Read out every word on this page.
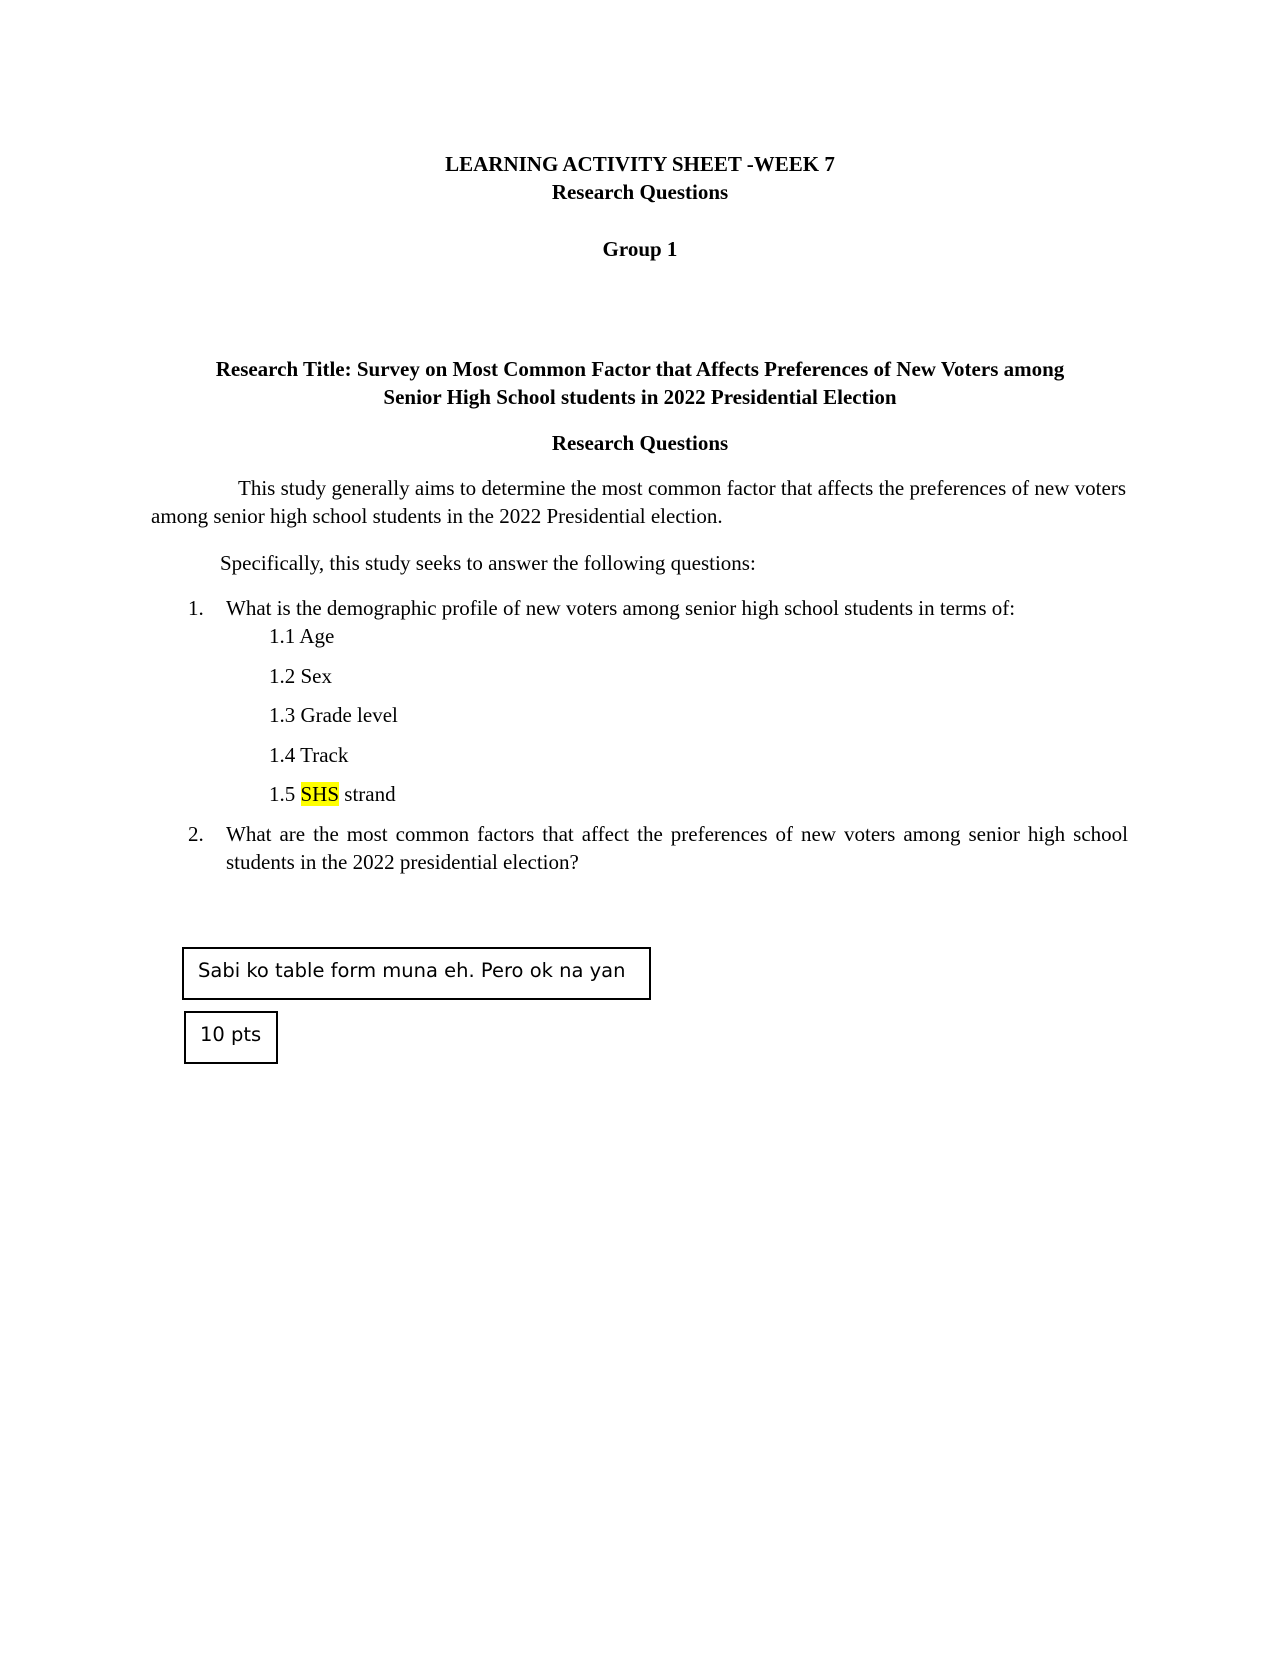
LEARNING ACTIVITY SHEET -WEEK 7
Research Questions
Group 1
Research Title: Survey on Most Common Factor that Affects Preferences of New Voters among
Senior High School students in 2022 Presidential Election
Research Questions
This study generally aims to determine the most common factor that affects the preferences of new voters among senior high school students in the 2022 Presidential election.
Specifically, this study seeks to answer the following questions:
1. What is the demographic profile of new voters among senior high school students in terms of:
1.1 Age
1.2 Sex
1.3 Grade level
1.4 Track
1.5 SHS strand
2. What are the most common factors that affect the preferences of new voters among senior high school students in the 2022 presidential election?
Sabi ko table form muna eh. Pero ok na yan
10 pts
